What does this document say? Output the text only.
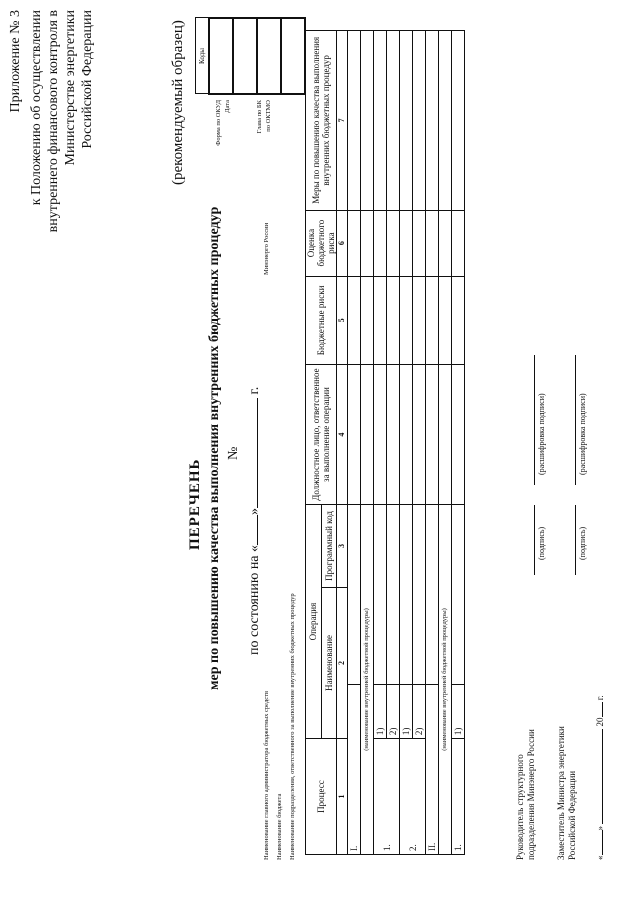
Приложение № 3 к Положению об осуществлении внутреннего финансового контроля в Министерстве энергетики Российской Федерации	(рекомендуемый образец)
ПЕРЕЧЕНЬ мер по повышению качества выполнения внутренних бюджетных процедур №
по состоянию на «» г.
Форма по ОКУД Дата	Глава по БК по ОКТМО
Коды

Наименование главного администратора бюджетных средств
Минэнерго России
Наименование бюджета Наименование подразделения, ответственного за выполнение внутренних бюджетных процедур Процесс	Операция			Должностное лицо, ответственное за выполнение операции	Бюджетные риски	Оценка бюджетного риска	Меры по повышению качества выполнения внутренних бюджетных процедур
	Наименование		Программный код				
1	2		3	4	5	6	7
I.							
(наименование внутренней бюджетной процедуры)							
1.	1)						
	2)						
2.	1)						
	2)						
II.							
(наименование внутренней бюджетной процедуры)							
1.	1)						
Руководитель структурного подразделения Минэнерго России
(подпись)
(расшифровка подписи)
Заместитель Министра энергетики Российской Федерации
(подпись)
(расшифровка подписи)
«»  20 г.
